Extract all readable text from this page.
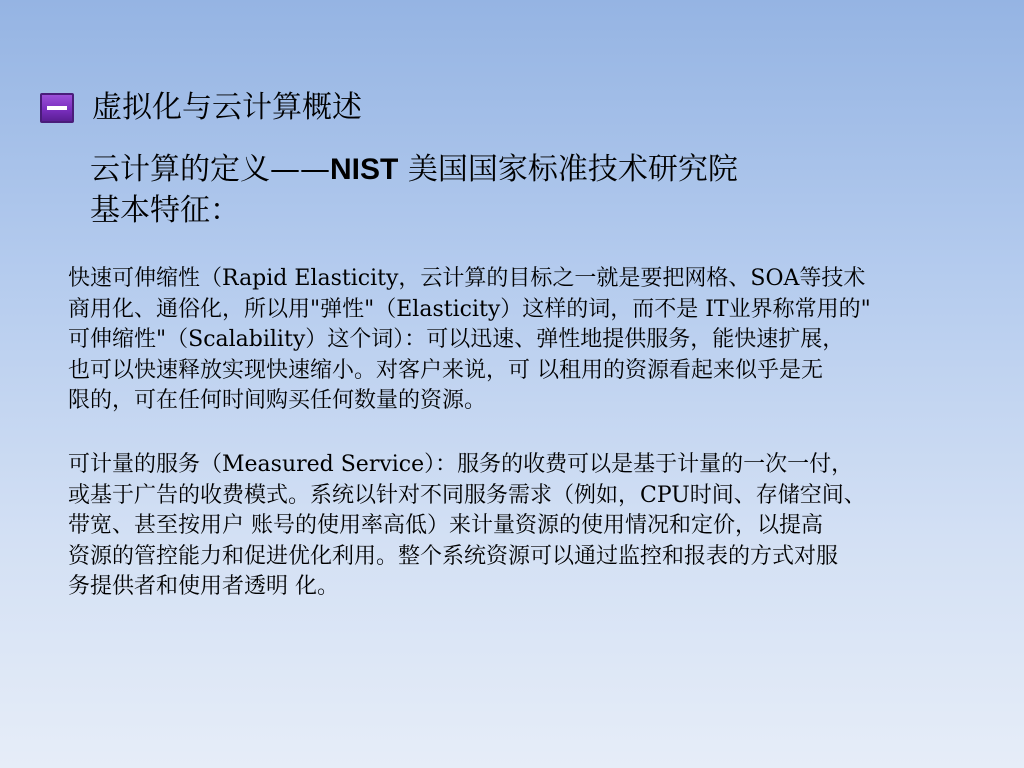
虚拟化与云计算概述
云计算的定义——NIST 美国国家标准技术研究院
基本特征：
快速可伸缩性（Rapid Elasticity，云计算的目标之一就是要把网格、SOA等技术
商用化、通俗化，所以用"弹性"（Elasticity）这样的词，而不是 IT业界称常用的"
可伸缩性"（Scalability）这个词）：可以迅速、弹性地提供服务，能快速扩展，
也可以快速释放实现快速缩小。对客户来说，可 以租用的资源看起来似乎是无
限的，可在任何时间购买任何数量的资源。
可计量的服务（Measured Service）：服务的收费可以是基于计量的一次一付，
或基于广告的收费模式。系统以针对不同服务需求（例如，CPU时间、存储空间、
带宽、甚至按用户 账号的使用率高低）来计量资源的使用情况和定价，以提高
资源的管控能力和促进优化利用。整个系统资源可以通过监控和报表的方式对服
务提供者和使用者透明 化。
